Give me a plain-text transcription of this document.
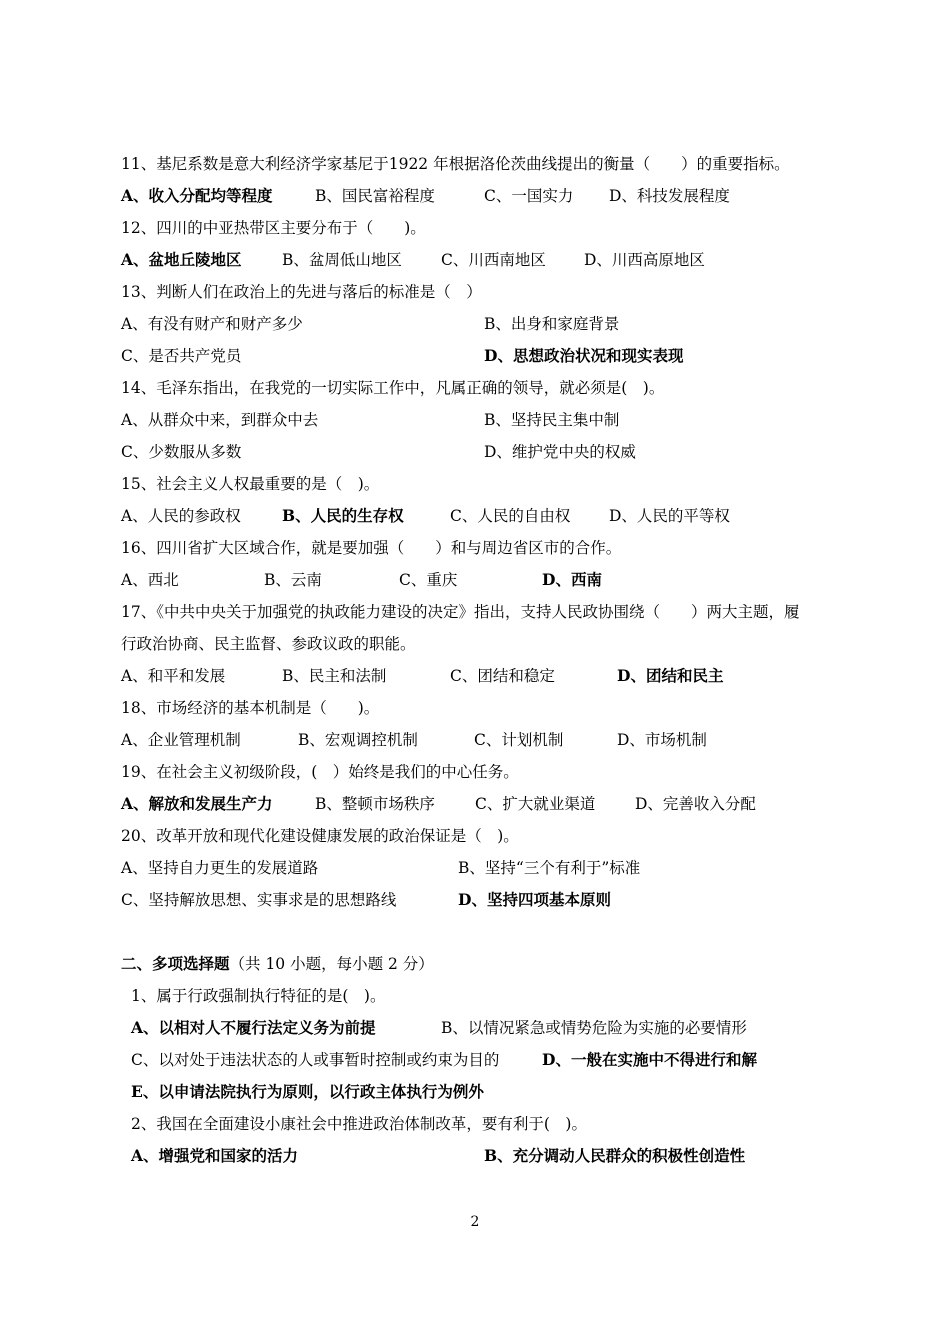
11、基尼系数是意大利经济学家基尼于1922 年根据洛伦茨曲线提出的衡量（　　）的重要指标。
A、收入分配均等程度	B、国民富裕程度	C、一国实力 D、科技发展程度
12、四川的中亚热带区主要分布于（　　)。
A、盆地丘陵地区	B、盆周低山地区	C、川西南地区 D、川西高原地区
13、判断人们在政治上的先进与落后的标准是（　）
A、有没有财产和财产多少	B、出身和家庭背景
C、是否共产党员	D、思想政治状况和现实表现
14、毛泽东指出，在我党的一切实际工作中，凡属正确的领导，就必须是(　)。
A、从群众中来，到群众中去	B、坚持民主集中制
C、少数服从多数	D、维护党中央的权威
15、社会主义人权最重要的是（　)。
A、人民的参政权	B、人民的生存权	C、人民的自由权 D、人民的平等权
16、四川省扩大区域合作，就是要加强（　　）和与周边省区市的合作。
A、西北	B、云南	C、重庆	D、西南
17、《中共中央关于加强党的执政能力建设的决定》指出，支持人民政协围绕（　　）两大主题，履
行政治协商、民主监督、参政议政的职能。
A、和平和发展	B、民主和法制	C、团结和稳定	D、团结和民主
18、市场经济的基本机制是（　　)。
A、企业管理机制	B、宏观调控机制	C、计划机制	D、市场机制
19、在社会主义初级阶段，(　）始终是我们的中心任务。
A、解放和发展生产力	B、整顿市场秩序	C、扩大就业渠道	D、完善收入分配
20、改革开放和现代化建设健康发展的政治保证是（　)。
A、坚持自力更生的发展道路	B、坚持“三个有利于”标准
C、坚持解放思想、实事求是的思想路线	D、坚持四项基本原则
二、多项选择题（共 10 小题，每小题 2 分）
1、属于行政强制执行特征的是(　)。
A、以相对人不履行法定义务为前提	B、以情况紧急或情势危险为实施的必要情形
C、以对处于违法状态的人或事暂时控制或约束为目的	D、一般在实施中不得进行和解
E、以申请法院执行为原则，以行政主体执行为例外
2、我国在全面建设小康社会中推进政治体制改革，要有利于(　)。
A、增强党和国家的活力	B、充分调动人民群众的积极性创造性
2
